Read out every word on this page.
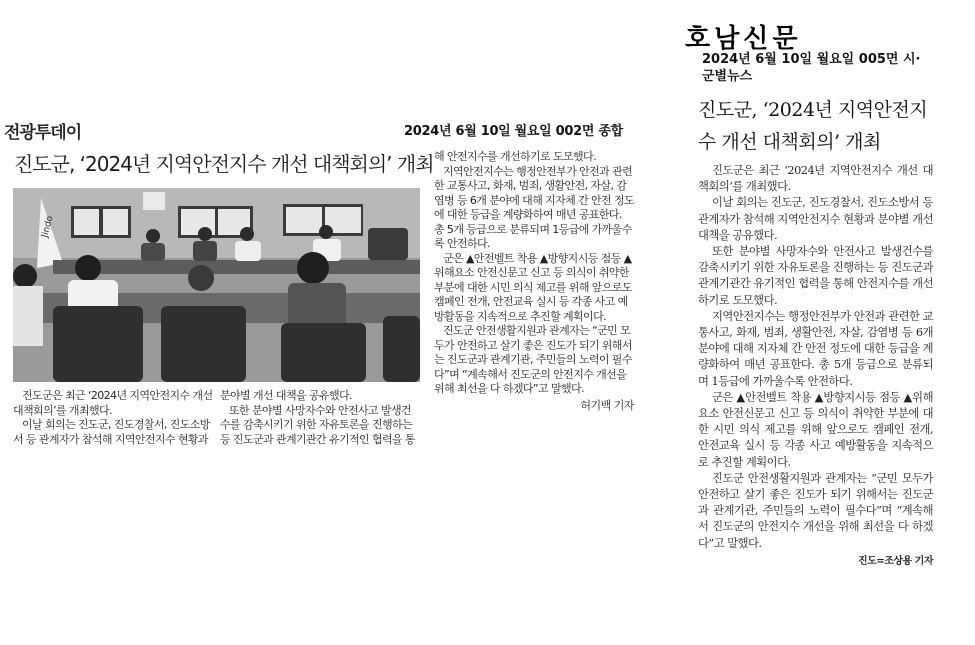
전광투데이	2024년 6월 10일 월요일 002면 종합
진도군, ‘2024년 지역안전지수 개선 대책회의’ 개최
Jindo

진도군은 최근 ‘2024년 지역안전지수 개선 대책회의’를 개최했다.

이날 회의는 진도군, 진도경찰서, 진도소방서 등 관계자가 참석해 지역안전지수 현황과

분야별 개선 대책을 공유했다.

또한 분야별 사망자수와 안전사고 발생건수를 감축시키기 위한 자유토론을 진행하는 등 진도군과 관계기관간 유기적인 협력을 통

해 안전지수를 개선하기로 도모했다.

지역안전지수는 행정안전부가 안전과 관련한 교통사고, 화재, 범죄, 생활안전, 자살, 감염병 등 6개 분야에 대해 지자체 간 안전 정도에 대한 등급을 계량화하여 매년 공표한다. 총 5개 등급으로 분류되며 1등급에 가까울수록 안전하다.

군은 ▲안전벨트 착용 ▲방향지시등 점등 ▲위해요소 안전신문고 신고 등 의식이 취약한 부분에 대한 시민 의식 제고를 위해 앞으로도 캠페인 전개, 안전교육 실시 등 각종 사고 예방활동을 지속적으로 추진할 계획이다.

진도군 안전생활지원과 관계자는 “군민 모두가 안전하고 살기 좋은 진도가 되기 위해서는 진도군과 관계기관, 주민들의 노력이 필수다”며 “계속해서 진도군의 안전지수 개선을 위해 최선을 다 하겠다”고 말했다.

허기백 기자
호남신문
2024년 6월 10일 월요일 005면 시·군별뉴스
진도군, ‘2024년 지역안전지수 개선 대책회의’ 개최

진도군은 최근 ‘2024년 지역안전지수 개선 대책회의’를 개최했다.

이날 회의는 진도군, 진도경찰서, 진도소방서 등 관계자가 참석해 지역안전지수 현황과 분야별 개선 대책을 공유했다.

또한 분야별 사망자수와 안전사고 발생건수를 감축시키기 위한 자유토론을 진행하는 등 진도군과 관계기관간 유기적인 협력을 통해 안전지수를 개선하기로 도모했다.

지역안전지수는 행정안전부가 안전과 관련한 교통사고, 화재, 범죄, 생활안전, 자살, 감염병 등 6개 분야에 대해 지자체 간 안전 정도에 대한 등급을 계량화하여 매년 공표한다. 총 5개 등급으로 분류되며 1등급에 가까울수록 안전하다.

군은 ▲안전벨트 착용 ▲방향지시등 점등 ▲위해요소 안전신문고 신고 등 의식이 취약한 부분에 대한 시민 의식 제고를 위해 앞으로도 캠페인 전개, 안전교육 실시 등 각종 사고 예방활동을 지속적으로 추진할 계획이다.

진도군 안전생활지원과 관계자는 “군민 모두가 안전하고 살기 좋은 진도가 되기 위해서는 진도군과 관계기관, 주민들의 노력이 필수다”며 “계속해서 진도군의 안전지수 개선을 위해 최선을 다 하겠다”고 말했다.

진도=조상용 기자
